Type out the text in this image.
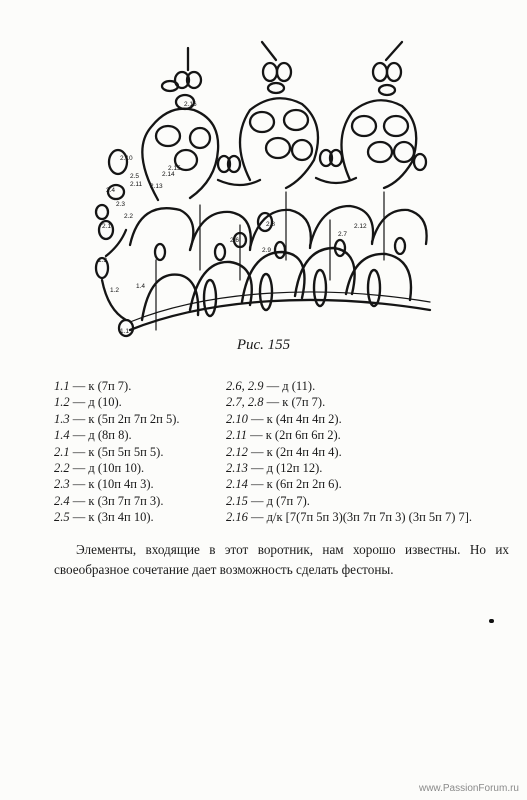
1.1
1.2
1.3
1.4
2.1
2.2
2.3
2.4
2.5
2.6
2.9
2.7
2.8
2.10
2.11
2.12
2.13
2.14
2.15
2.16
Рис. 155
1.1 — к (7п 7).
1.2 — д (10).
1.3 — к (5п 2п 7п 2п 5).
1.4 — д (8п 8).
2.1 — к (5п 5п 5п 5).
2.2 — д (10п 10).
2.3 — к (10п 4п 3).
2.4 — к (3п 7п 7п 3).
2.5 — к (3п 4п 10).
2.6, 2.9 — д (11).
2.7, 2.8 — к (7п 7).
2.10 — к (4п 4п 4п 2).
2.11 — к (2п 6п 6п 2).
2.12 — к (2п 4п 4п 4).
2.13 — д (12п 12).
2.14 — к (6п 2п 2п 6).
2.15 — д (7п 7).
2.16 — д/к [7(7п 5п 3)(3п 7п 7п 3) (3п 5п 7) 7].
Элементы, входящие в этот воротник, нам хорошо известны. Но их своеобразное сочетание дает возможность сделать фестоны.
www.PassionForum.ru
